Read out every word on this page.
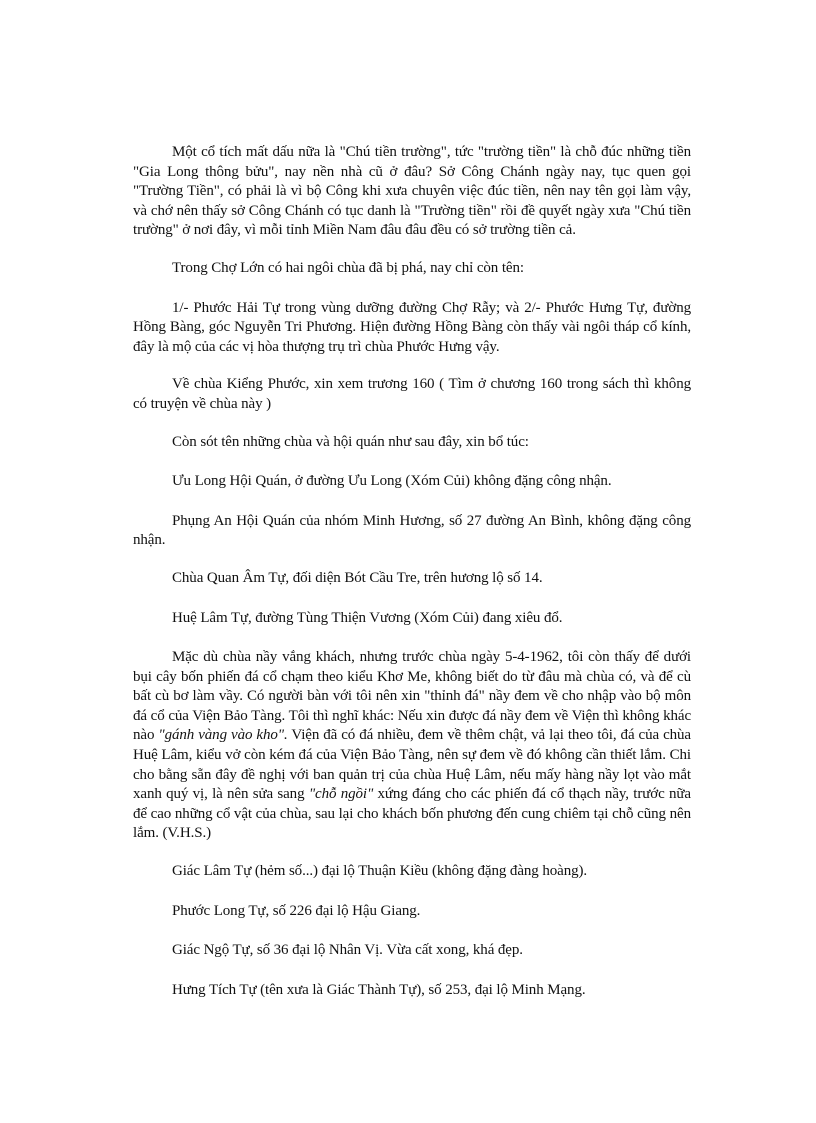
Một cổ tích mất dấu nữa là "Chú tiền trường", tức "trường tiền" là chỗ đúc những tiền "Gia Long thông bửu", nay nền nhà cũ ở đâu? Sở Công Chánh ngày nay, tục quen gọi "Trường Tiền", có phải là vì bộ Công khi xưa chuyên việc đúc tiền, nên nay tên gọi làm vậy, và chớ nên thấy sở Công Chánh có tục danh là "Trường tiền" rồi đề quyết ngày xưa "Chú tiền trường" ở nơi đây, vì mỗi tỉnh Miền Nam đâu đâu đều có sở trường tiền cả.

Trong Chợ Lớn có hai ngôi chùa đã bị phá, nay chỉ còn tên:

1/- Phước Hải Tự trong vùng dưỡng đường Chợ Rẫy; và 2/- Phước Hưng Tự, đường Hồng Bàng, góc Nguyễn Tri Phương. Hiện đường Hồng Bàng còn thấy vài ngôi tháp cổ kính, đây là mộ của các vị hòa thượng trụ trì chùa Phước Hưng vậy.

Về chùa Kiểng Phước, xin xem trương 160 ( Tìm ở chương 160 trong sách thì không có truyện về chùa này )

Còn sót tên những chùa và hội quán như sau đây, xin bổ túc:

Ưu Long Hội Quán, ở đường Ưu Long (Xóm Củi) không đặng công nhận.

Phụng An Hội Quán của nhóm Minh Hương, số 27 đường An Bình, không đặng công nhận.

Chùa Quan Âm Tự, đối diện Bót Cầu Tre, trên hương lộ số 14.

Huệ Lâm Tự, đường Tùng Thiện Vương (Xóm Củi) đang xiêu đổ.

Mặc dù chùa nầy vắng khách, nhưng trước chùa ngày 5-4-1962, tôi còn thấy để dưới bụi cây bốn phiến đá cổ chạm theo kiểu Khơ Me, không biết do từ đâu mà chùa có, và để cù bất cù bơ làm vầy. Có người bàn với tôi nên xin "thỉnh đá" nầy đem về cho nhập vào bộ môn đá cổ của Viện Bảo Tàng. Tôi thì nghĩ khác: Nếu xin được đá nầy đem về Viện thì không khác nào "gánh vàng vào kho". Viện đã có đá nhiều, đem về thêm chật, vả lại theo tôi, đá của chùa Huệ Lâm, kiểu vở còn kém đá của Viện Bảo Tàng, nên sự đem về đó không cần thiết lắm. Chi cho bằng sẵn đây đề nghị với ban quản trị của chùa Huệ Lâm, nếu mấy hàng nầy lọt vào mắt xanh quý vị, là nên sửa sang "chỗ ngồi" xứng đáng cho các phiến đá cổ thạch nầy, trước nữa để cao những cổ vật của chùa, sau lại cho khách bốn phương đến cung chiêm tại chỗ cũng nên lắm. (V.H.S.)

Giác Lâm Tự (hẻm số...) đại lộ Thuận Kiều (không đặng đàng hoàng).

Phước Long Tự, số 226 đại lộ Hậu Giang.

Giác Ngộ Tự, số 36 đại lộ Nhân Vị. Vừa cất xong, khá đẹp.

Hưng Tích Tự (tên xưa là Giác Thành Tự), số 253, đại lộ Minh Mạng.
